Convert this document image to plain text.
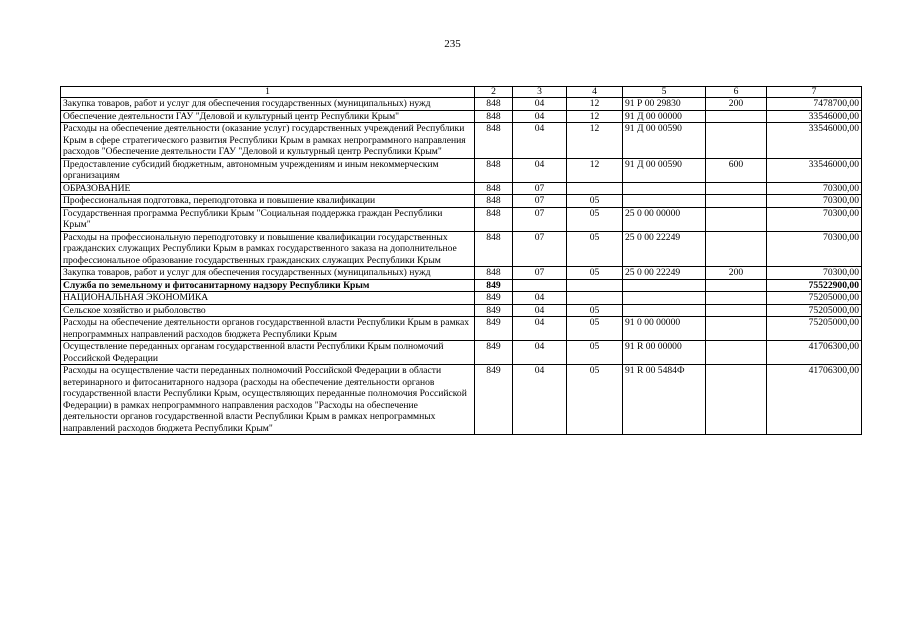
235
1	2	3	4	5	6	7
Закупка товаров, работ и услуг для обеспечения государственных (муниципальных) нужд	848	04	12	91 Р 00 29830	200	7478700,00
Обеспечение деятельности ГАУ "Деловой и культурный центр Республики Крым"	848	04	12	91 Д 00 00000		33546000,00
Расходы на обеспечение деятельности (оказание услуг) государственных учреждений Республики Крым в сфере стратегического развития Республики Крым в рамках непрограммного направления расходов "Обеспечение деятельности ГАУ "Деловой и культурный центр Республики Крым"	848	04	12	91 Д 00 00590		33546000,00
Предоставление субсидий бюджетным, автономным учреждениям и иным некоммерческим организациям	848	04	12	91 Д 00 00590	600	33546000,00
ОБРАЗОВАНИЕ	848	07				70300,00
Профессиональная подготовка, переподготовка и повышение квалификации	848	07	05			70300,00
Государственная программа Республики Крым "Социальная поддержка граждан Республики Крым"	848	07	05	25 0 00 00000		70300,00
Расходы на профессиональную переподготовку и повышение квалификации государственных гражданских служащих Республики Крым в рамках государственного заказа на дополнительное профессиональное образование государственных гражданских служащих Республики Крым	848	07	05	25 0 00 22249		70300,00
Закупка товаров, работ и услуг для обеспечения государственных (муниципальных) нужд	848	07	05	25 0 00 22249	200	70300,00
Служба по земельному и фитосанитарному надзору Республики Крым	849					75522900,00
НАЦИОНАЛЬНАЯ ЭКОНОМИКА	849	04				75205000,00
Сельское хозяйство и рыболовство	849	04	05			75205000,00
Расходы на обеспечение деятельности органов государственной власти Республики Крым в рамках непрограммных направлений расходов бюджета Республики Крым	849	04	05	91 0 00 00000		75205000,00
Осуществление переданных органам государственной власти Республики Крым полномочий Российской Федерации	849	04	05	91 R 00 00000		41706300,00
Расходы на осуществление части переданных полномочий Российской Федерации в области ветеринарного и фитосанитарного надзора (расходы на обеспечение деятельности органов государственной власти Республики Крым, осуществляющих переданные полномочия Российской Федерации) в рамках непрограммного направления расходов "Расходы на обеспечение деятельности органов государственной власти Республики Крым в рамках непрограммных направлений расходов бюджета Республики Крым"	849	04	05	91 R 00 5484Ф		41706300,00
